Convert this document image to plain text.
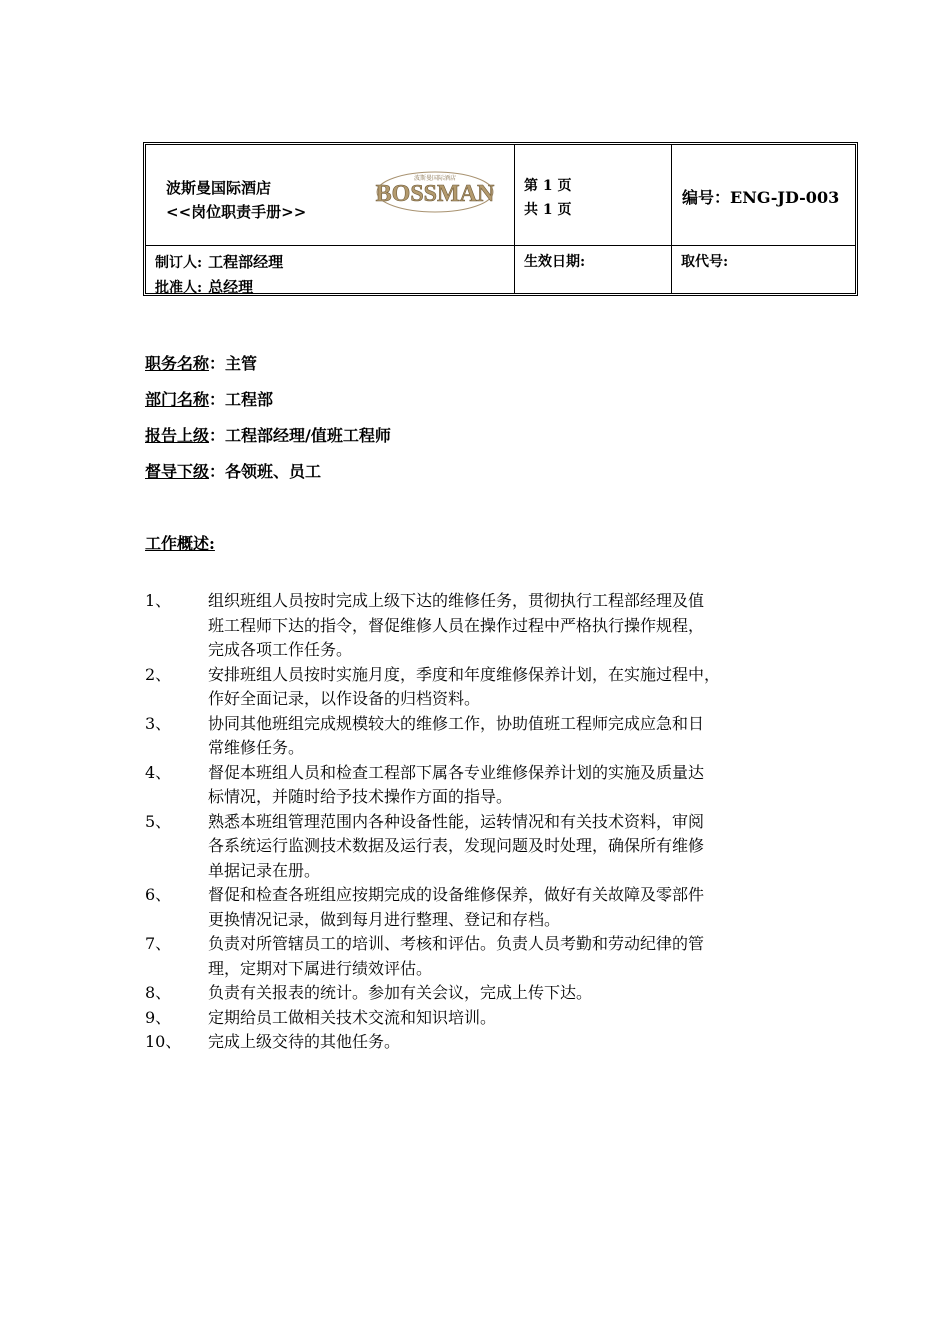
波斯曼国际酒店
<<岗位职责手册>>
波斯曼国际酒店
BOSSMAN 第 1 页
共 1 页
编号：ENG-JD-003
制订人: 工程部经理
批准人: 总经理
生效日期:	取代号:
职务名称：主管
部门名称：工程部
报告上级：工程部经理/值班工程师
督导下级：各领班、员工
工作概述:
1、 组织班组人员按时完成上级下达的维修任务，贯彻执行工程部经理及值
班工程师下达的指令，督促维修人员在操作过程中严格执行操作规程，
完成各项工作任务。
2、 安排班组人员按时实施月度，季度和年度维修保养计划，在实施过程中，
作好全面记录，以作设备的归档资料。
3、 协同其他班组完成规模较大的维修工作，协助值班工程师完成应急和日
常维修任务。
4、 督促本班组人员和检查工程部下属各专业维修保养计划的实施及质量达
标情况，并随时给予技术操作方面的指导。
5、 熟悉本班组管理范围内各种设备性能，运转情况和有关技术资料，审阅
各系统运行监测技术数据及运行表，发现问题及时处理，确保所有维修
单据记录在册。
6、 督促和检查各班组应按期完成的设备维修保养，做好有关故障及零部件
更换情况记录，做到每月进行整理、登记和存档。
7、 负责对所管辖员工的培训、考核和评估。负责人员考勤和劳动纪律的管
理，定期对下属进行绩效评估。
8、 负责有关报表的统计。参加有关会议，完成上传下达。
9、 定期给员工做相关技术交流和知识培训。
10、 完成上级交待的其他任务。
